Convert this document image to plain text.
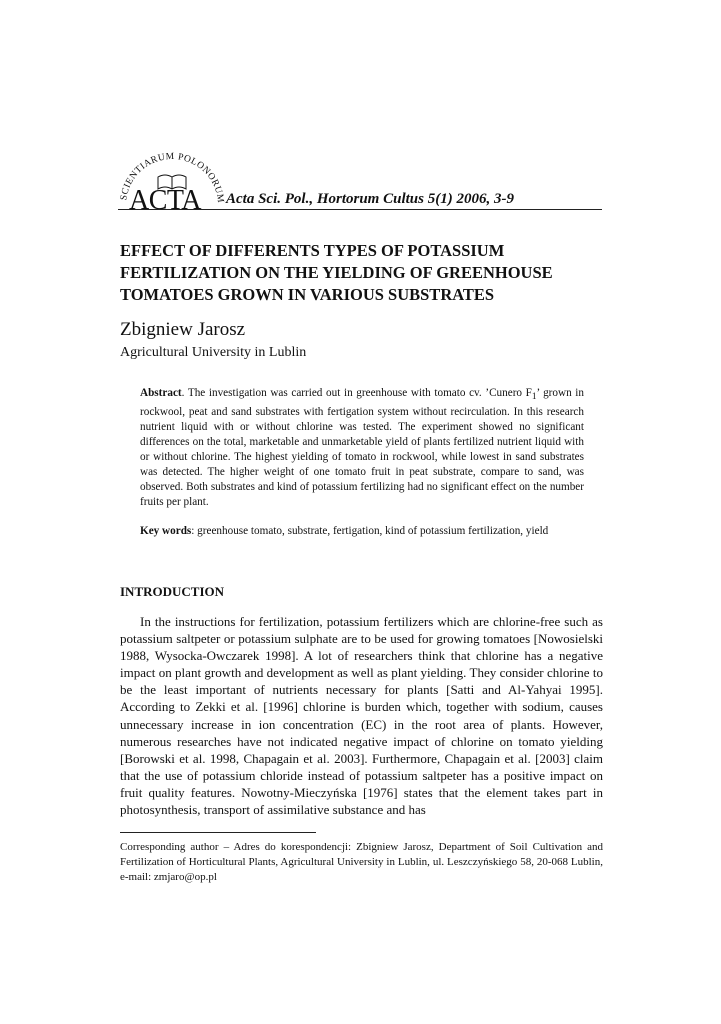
SCIENTIARUM POLONORUM
ACTA Acta Sci. Pol., Hortorum Cultus 5(1) 2006, 3-9
EFFECT OF DIFFERENTS TYPES OF POTASSIUM
FERTILIZATION ON THE YIELDING OF GREENHOUSE
TOMATOES GROWN IN VARIOUS SUBSTRATES
Zbigniew Jarosz
Agricultural University in Lublin

Abstract. The investigation was carried out in greenhouse with tomato cv. ’Cunero $F_1$’ grown in rockwool, peat and sand substrates with fertigation system without recirculation. In this research nutrient liquid with or without chlorine was tested. The experiment showed no significant differences on the total, marketable and unmarketable yield of plants fertilized nutrient liquid with or without chlorine. The highest yielding of tomato in rockwool, while lowest in sand substrates was detected. The higher weight of one tomato fruit in peat substrate, compare to sand, was observed. Both substrates and kind of potassium fertilizing had no significant effect on the number fruits per plant.

Key words: greenhouse tomato, substrate, fertigation, kind of potassium fertilization, yield

INTRODUCTION

In the instructions for fertilization, potassium fertilizers which are chlorine-free such as potassium saltpeter or potassium sulphate are to be used for growing tomatoes [Nowosielski 1988, Wysocka-Owczarek 1998]. A lot of researchers think that chlorine has a negative impact on plant growth and development as well as plant yielding. They consider chlorine to be the least important of nutrients necessary for plants [Satti and Al-Yahyai 1995]. According to Zekki et al. [1996] chlorine is burden which, together with sodium, causes unnecessary increase in ion concentration (EC) in the root area of plants. However, numerous researches have not indicated negative impact of chlorine on tomato yielding [Borowski et al. 1998, Chapagain et al. 2003]. Furthermore, Chapagain et al. [2003] claim that the use of potassium chloride instead of potassium saltpeter has a positive impact on fruit quality features. Nowotny-Mieczyńska [1976] states that the element takes part in photosynthesis, transport of assimilative substance and has

Corresponding author – Adres do korespondencji: Zbigniew Jarosz, Department of Soil Cultivation and Fertilization of Horticultural Plants, Agricultural University in Lublin, ul. Leszczyńskiego 58, 20-068 Lublin, e-mail: zmjaro@op.pl
